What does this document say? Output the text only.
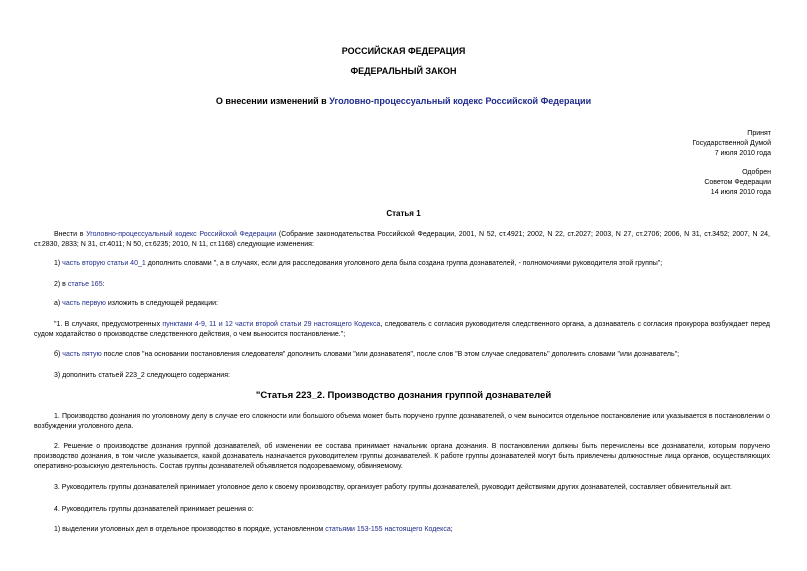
РОССИЙСКАЯ ФЕДЕРАЦИЯ
ФЕДЕРАЛЬНЫЙ ЗАКОН
О внесении изменений в Уголовно-процессуальный кодекс Российской Федерации
Принят
Государственной Думой
7 июля 2010 года
Одобрен
Советом Федерации
14 июля 2010 года
Статья 1
Внести в Уголовно-процессуальный кодекс Российской Федерации (Собрание законодательства Российской Федерации, 2001, N 52, ст.4921; 2002, N 22, ст.2027; 2003, N 27, ст.2706; 2006, N 31, ст.3452; 2007, N 24, ст.2830, 2833; N 31, ст.4011; N 50, ст.6235; 2010, N 11, ст.1168) следующие изменения:
1) часть вторую статьи 40_1 дополнить словами ", а в случаях, если для расследования уголовного дела была создана группа дознавателей, - полномочиями руководителя этой группы";
2) в статье 165:
а) часть первую изложить в следующей редакции:
"1. В случаях, предусмотренных пунктами 4-9, 11 и 12 части второй статьи 29 настоящего Кодекса, следователь с согласия руководителя следственного органа, а дознаватель с согласия прокурора возбуждает перед судом ходатайство о производстве следственного действия, о чем выносится постановление.";
б) часть пятую после слов "на основании постановления следователя" дополнить словами "или дознавателя", после слов "В этом случае следователь" дополнить словами "или дознаватель";
3) дополнить статьей 223_2 следующего содержания:
"Статья 223_2. Производство дознания группой дознавателей
1. Производство дознания по уголовному делу в случае его сложности или большого объема может быть поручено группе дознавателей, о чем выносится отдельное постановление или указывается в постановлении о возбуждении уголовного дела.
2. Решение о производстве дознания группой дознавателей, об изменении ее состава принимает начальник органа дознания. В постановлении должны быть перечислены все дознаватели, которым поручено производство дознания, в том числе указывается, какой дознаватель назначается руководителем группы дознавателей. К работе группы дознавателей могут быть привлечены должностные лица органов, осуществляющих оперативно-розыскную деятельность. Состав группы дознавателей объявляется подозреваемому, обвиняемому.
3. Руководитель группы дознавателей принимает уголовное дело к своему производству, организует работу группы дознавателей, руководит действиями других дознавателей, составляет обвинительный акт.
4. Руководитель группы дознавателей принимает решения о:
1) выделении уголовных дел в отдельное производство в порядке, установленном статьями 153-155 настоящего Кодекса;
